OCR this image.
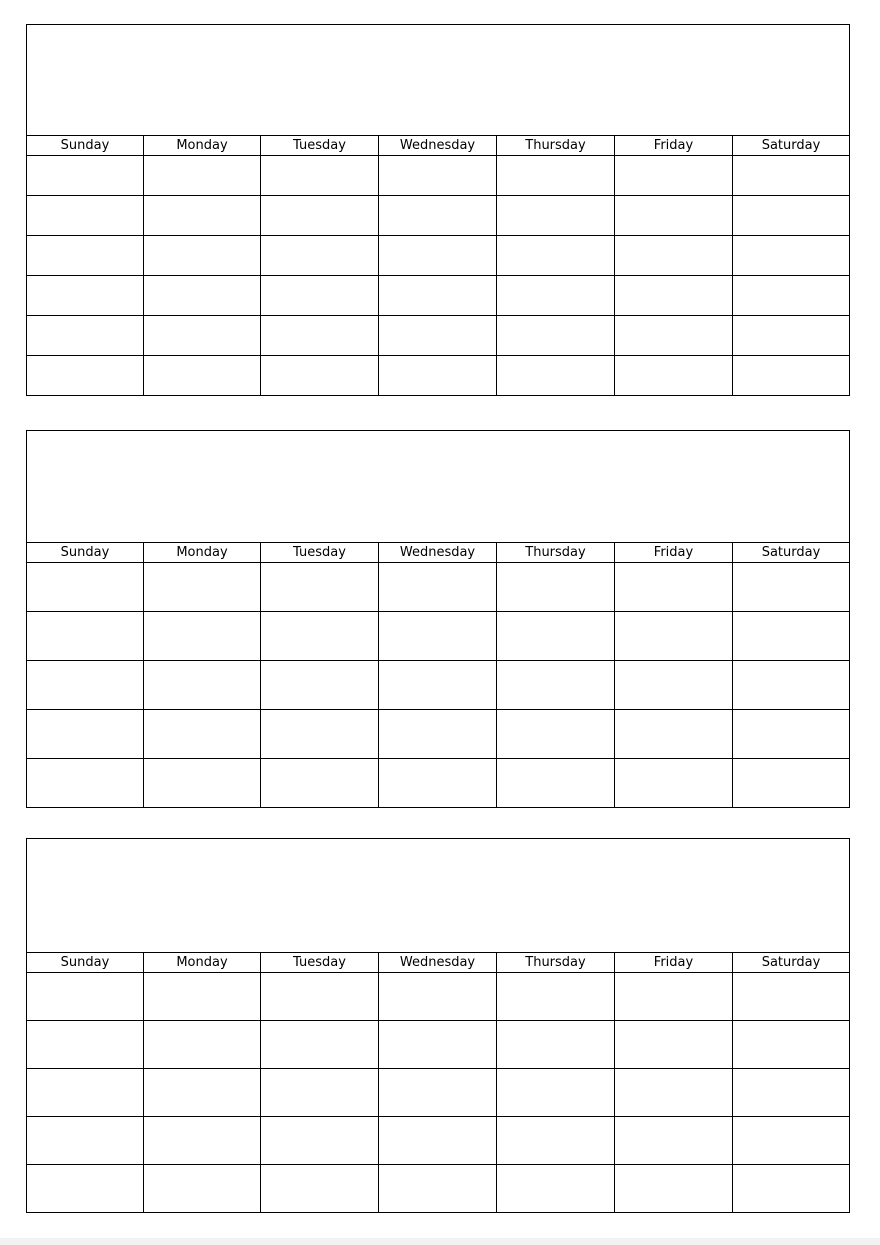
Sunday	Monday	Tuesday	Wednesday	Thursday	Friday	Saturday
Sunday	Monday	Tuesday	Wednesday	Thursday	Friday	Saturday
Sunday	Monday	Tuesday	Wednesday	Thursday	Friday	Saturday
